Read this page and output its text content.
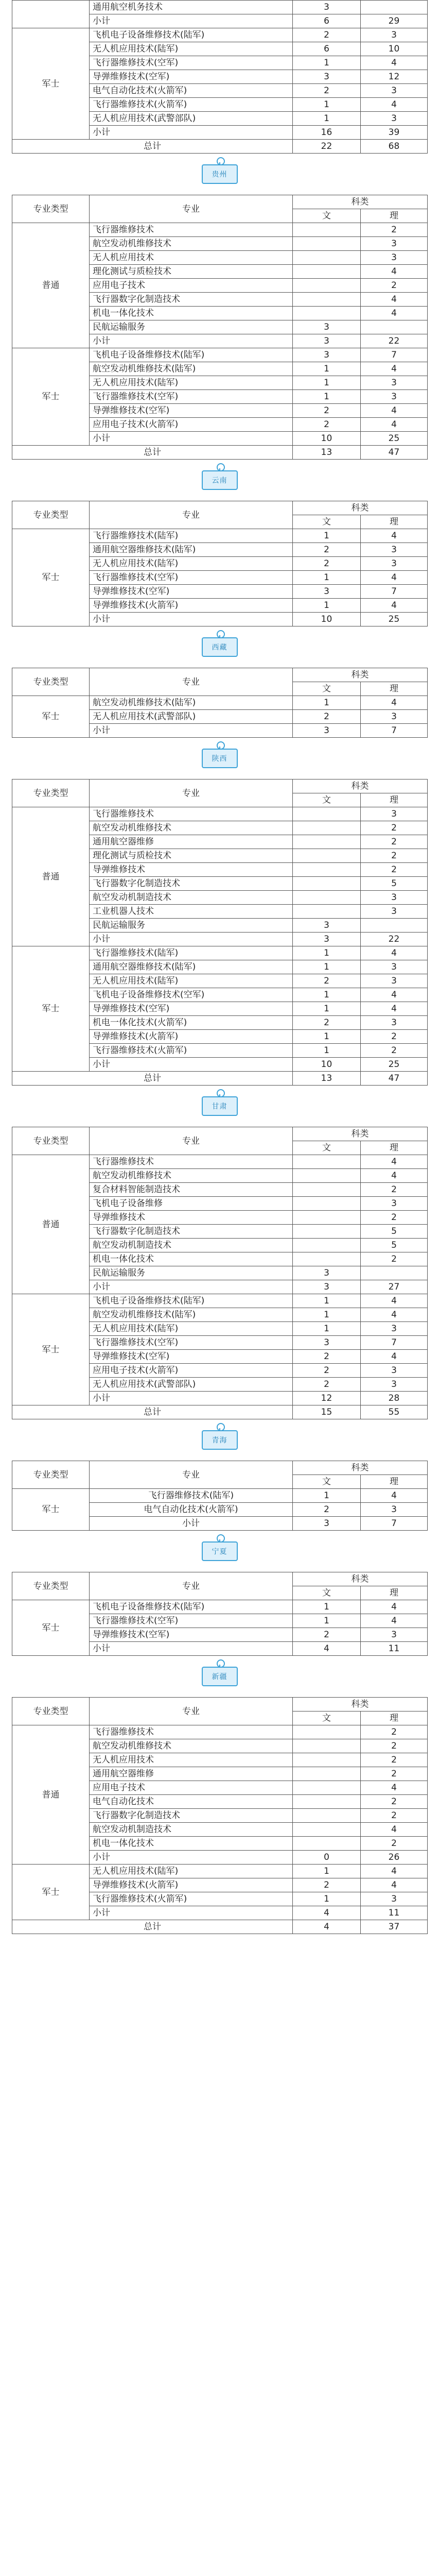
	通用航空机务技术	3	
	小计	6	29
军士	飞机电子设备维修技术(陆军)	2	3
	无人机应用技术(陆军)	6	10
	飞行器维修技术(空军)	1	4
	导弹维修技术(空军)	3	12
	电气自动化技术(火箭军)	2	3
	飞行器维修技术(火箭军)	1	4
	无人机应用技术(武警部队)	1	3
	小计	16	39
总计		22	68
贵州
专业类型	专业	科类	
		文	理
普通	飞行器维修技术		2
	航空发动机维修技术		3
	无人机应用技术		3
	理化测试与质检技术		4
	应用电子技术		2
	飞行器数字化制造技术		4
	机电一体化技术		4
	民航运输服务	3	
	小计	3	22
军士	飞机电子设备维修技术(陆军)	3	7
	航空发动机维修技术(陆军)	1	4
	无人机应用技术(陆军)	1	3
	飞行器维修技术(空军)	1	3
	导弹维修技术(空军)	2	4
	应用电子技术(火箭军)	2	4
	小计	10	25
总计		13	47
云南
专业类型	专业	科类	
		文	理
军士	飞行器维修技术(陆军)	1	4
	通用航空器维修技术(陆军)	2	3
	无人机应用技术(陆军)	2	3
	飞行器维修技术(空军)	1	4
	导弹维修技术(空军)	3	7
	导弹维修技术(火箭军)	1	4
	小计	10	25
西藏
专业类型	专业	科类	
		文	理
军士	航空发动机维修技术(陆军)	1	4
	无人机应用技术(武警部队)	2	3
	小计	3	7
陕西
专业类型	专业	科类	
		文	理
普通	飞行器维修技术		3
	航空发动机维修技术		2
	通用航空器维修		2
	理化测试与质检技术		2
	导弹维修技术		2
	飞行器数字化制造技术		5
	航空发动机制造技术		3
	工业机器人技术		3
	民航运输服务	3	
	小计	3	22
军士	飞行器维修技术(陆军)	1	4
	通用航空器维修技术(陆军)	1	3
	无人机应用技术(陆军)	2	3
	飞机电子设备维修技术(空军)	1	4
	导弹维修技术(空军)	1	4
	机电一体化技术(火箭军)	2	3
	导弹维修技术(火箭军)	1	2
	飞行器维修技术(火箭军)	1	2
	小计	10	25
总计		13	47
甘肃
专业类型	专业	科类	
		文	理
普通	飞行器维修技术		4
	航空发动机维修技术		4
	复合材料智能制造技术		2
	飞机电子设备维修		3
	导弹维修技术		2
	飞行器数字化制造技术		5
	航空发动机制造技术		5
	机电一体化技术		2
	民航运输服务	3	
	小计	3	27
军士	飞机电子设备维修技术(陆军)	1	4
	航空发动机维修技术(陆军)	1	4
	无人机应用技术(陆军)	1	3
	飞行器维修技术(空军)	3	7
	导弹维修技术(空军)	2	4
	应用电子技术(火箭军)	2	3
	无人机应用技术(武警部队)	2	3
	小计	12	28
总计		15	55
青海
专业类型	专业	科类	
		文	理
军士	飞行器维修技术(陆军)	1	4
	电气自动化技术(火箭军)	2	3
	小计	3	7
宁夏
专业类型	专业	科类	
		文	理
军士	飞机电子设备维修技术(陆军)	1	4
	飞行器维修技术(空军)	1	4
	导弹维修技术(空军)	2	3
	小计	4	11
新疆
专业类型	专业	科类	
		文	理
普通	飞行器维修技术		2
	航空发动机维修技术		2
	无人机应用技术		2
	通用航空器维修		2
	应用电子技术		4
	电气自动化技术		2
	飞行器数字化制造技术		2
	航空发动机制造技术		4
	机电一体化技术		2
	小计	0	26
军士	无人机应用技术(陆军)	1	4
	导弹维修技术(火箭军)	2	4
	飞行器维修技术(火箭军)	1	3
	小计	4	11
总计		4	37
